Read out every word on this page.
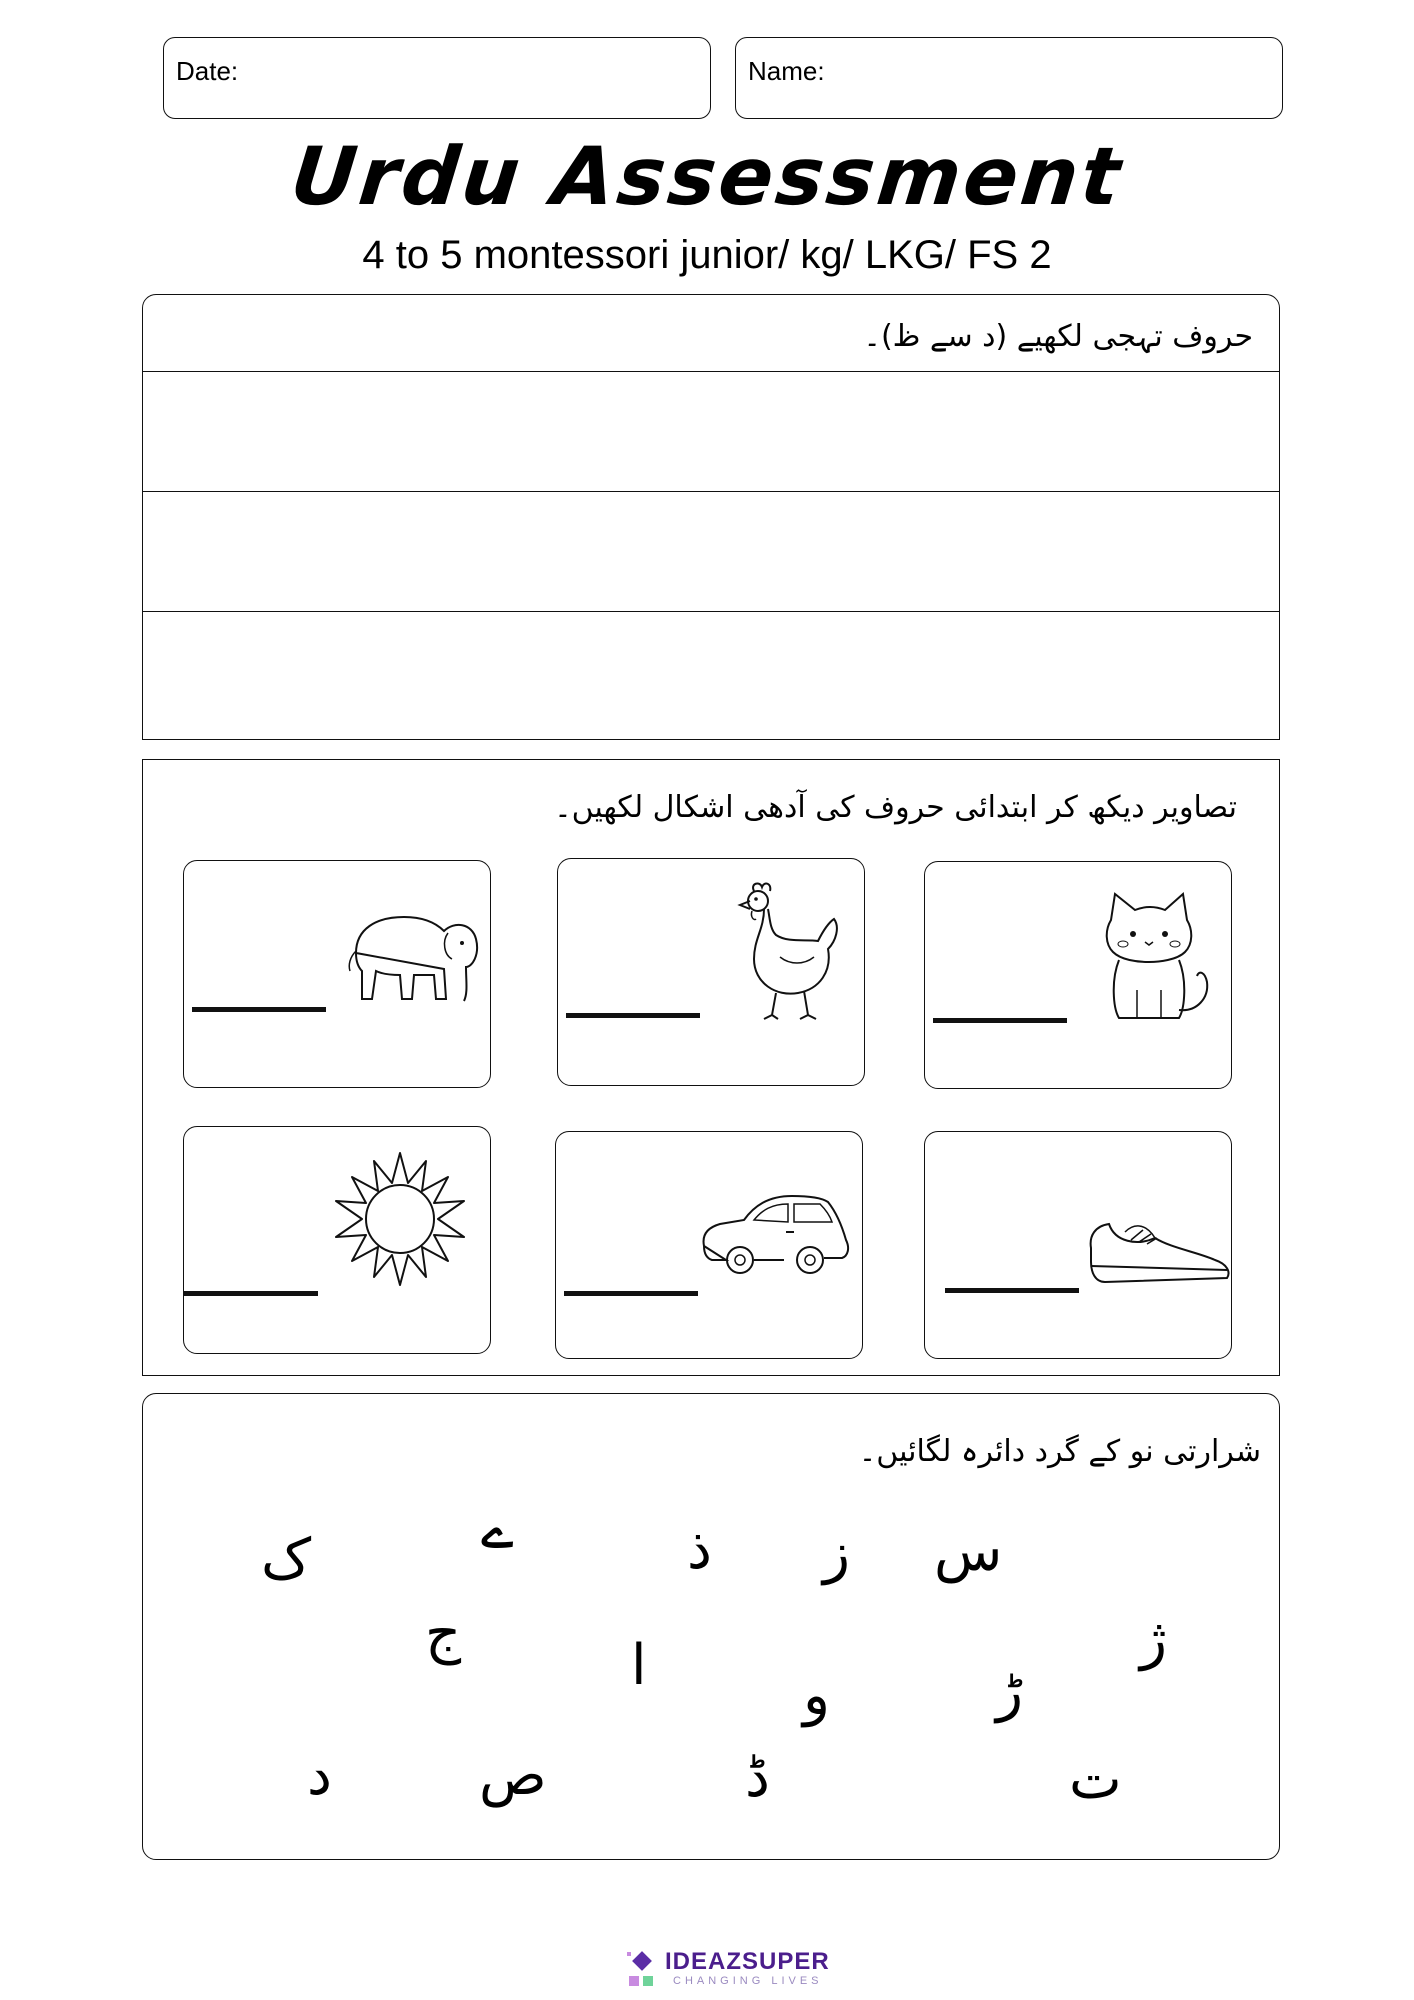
Date:	Name:
Urdu Assessment
4 to 5 montessori junior/ kg/ LKG/ FS 2
حروف تہجی لکھیے (د سے ظ)۔
تصاویر دیکھ کر ابتدائی حروف کی آدھی اشکال لکھیں۔
شرارتی نو کے گرد دائرہ لگائیں۔
ک	ے	ذ ز س
ج	ا	ژ
و	ڑ
د	ص	ڈ	ت
IDEAZSUPER
CHANGING LIVES
